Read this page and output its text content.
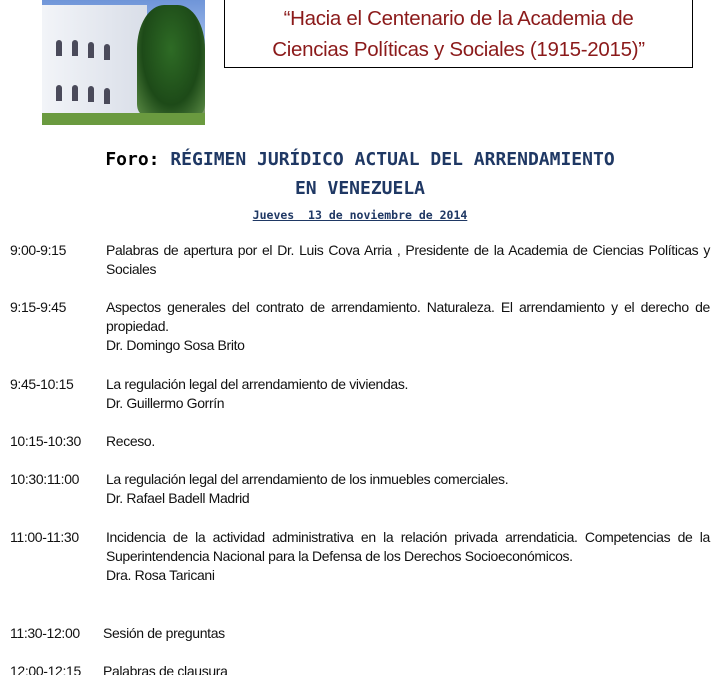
“Hacia el Centenario de la Academia de
Ciencias Políticas y Sociales (1915-2015)”
Foro: RÉGIMEN JURÍDICO ACTUAL DEL ARRENDAMIENTO
EN VENEZUELA
Jueves  13 de noviembre de 2014
9:00-9:15	Palabras de apertura por el Dr. Luis Cova Arria , Presidente de la Academia de Ciencias Políticas y Sociales
9:15-9:45	Aspectos generales del contrato de arrendamiento. Naturaleza. El arrendamiento y el derecho de propiedad.
Dr. Domingo Sosa Brito
9:45-10:15 La regulación legal del arrendamiento de viviendas.
Dr. Guillermo Gorrín
10:15-10:30 Receso.
10:30:11:00 La regulación legal del arrendamiento de los inmuebles comerciales.
Dr. Rafael Badell Madrid
11:00-11:30 Incidencia de la actividad administrativa en la relación privada arrendaticia. Competencias de la Superintendencia Nacional para la Defensa de los Derechos Socioeconómicos.
Dra. Rosa Taricani
11:30-12:00 Sesión de preguntas
12:00-12:15 Palabras de clausura
